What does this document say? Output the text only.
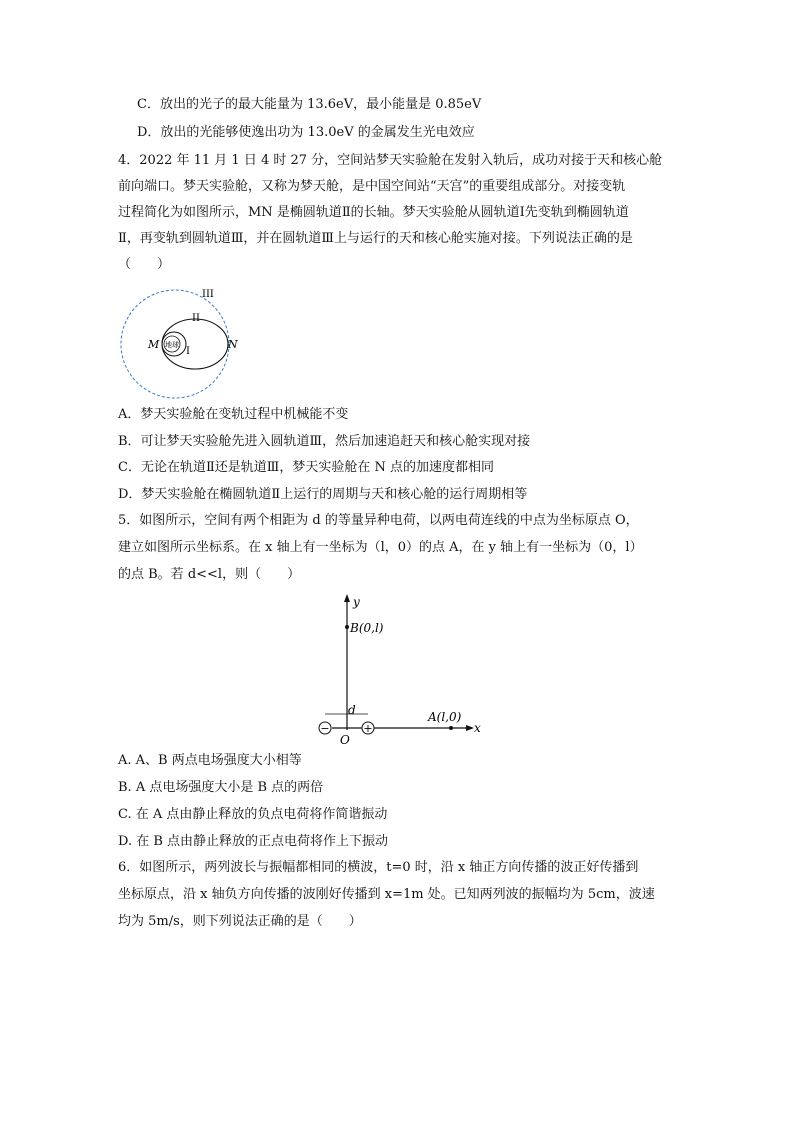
C．放出的光子的最大能量为 13.6eV，最小能量是 0.85eV
D．放出的光能够使逸出功为 13.0eV 的金属发生光电效应
4．2022 年 11 月 1 日 4 时 27 分，空间站梦天实验舱在发射入轨后，成功对接于天和核心舱
前向端口。梦天实验舱，又称为梦天舱，是中国空间站“天宫”的重要组成部分。对接变轨
过程简化为如图所示，MN 是椭圆轨道Ⅱ的长轴。梦天实验舱从圆轨道Ⅰ先变轨到椭圆轨道
Ⅱ，再变轨到圆轨道Ⅲ，并在圆轨道Ⅲ上与运行的天和核心舱实施对接。下列说法正确的是
（　　）
地球
III
II
I
M	N
A．梦天实验舱在变轨过程中机械能不变
B．可让梦天实验舱先进入圆轨道Ⅲ，然后加速追赶天和核心舱实现对接
C．无论在轨道Ⅱ还是轨道Ⅲ，梦天实验舱在 N 点的加速度都相同
D．梦天实验舱在椭圆轨道Ⅱ上运行的周期与天和核心舱的运行周期相等
5．如图所示，空间有两个相距为 d 的等量异种电荷，以两电荷连线的中点为坐标原点 O，
建立如图所示坐标系。在 x 轴上有一坐标为（l，0）的点 A，在 y 轴上有一坐标为（0，l）
的点 B。若 d<<l，则（　　）
y
x
B(0,l)
A(l,0)
d
−	+
O
A. A、B 两点电场强度大小相等
B. A 点电场强度大小是 B 点的两倍
C. 在 A 点由静止释放的负点电荷将作简谐振动
D. 在 B 点由静止释放的正点电荷将作上下振动
6．如图所示，两列波长与振幅都相同的横波，t=0 时，沿 x 轴正方向传播的波正好传播到
坐标原点，沿 x 轴负方向传播的波刚好传播到 x=1m 处。已知两列波的振幅均为 5cm，波速
均为 5m/s，则下列说法正确的是（　　）
